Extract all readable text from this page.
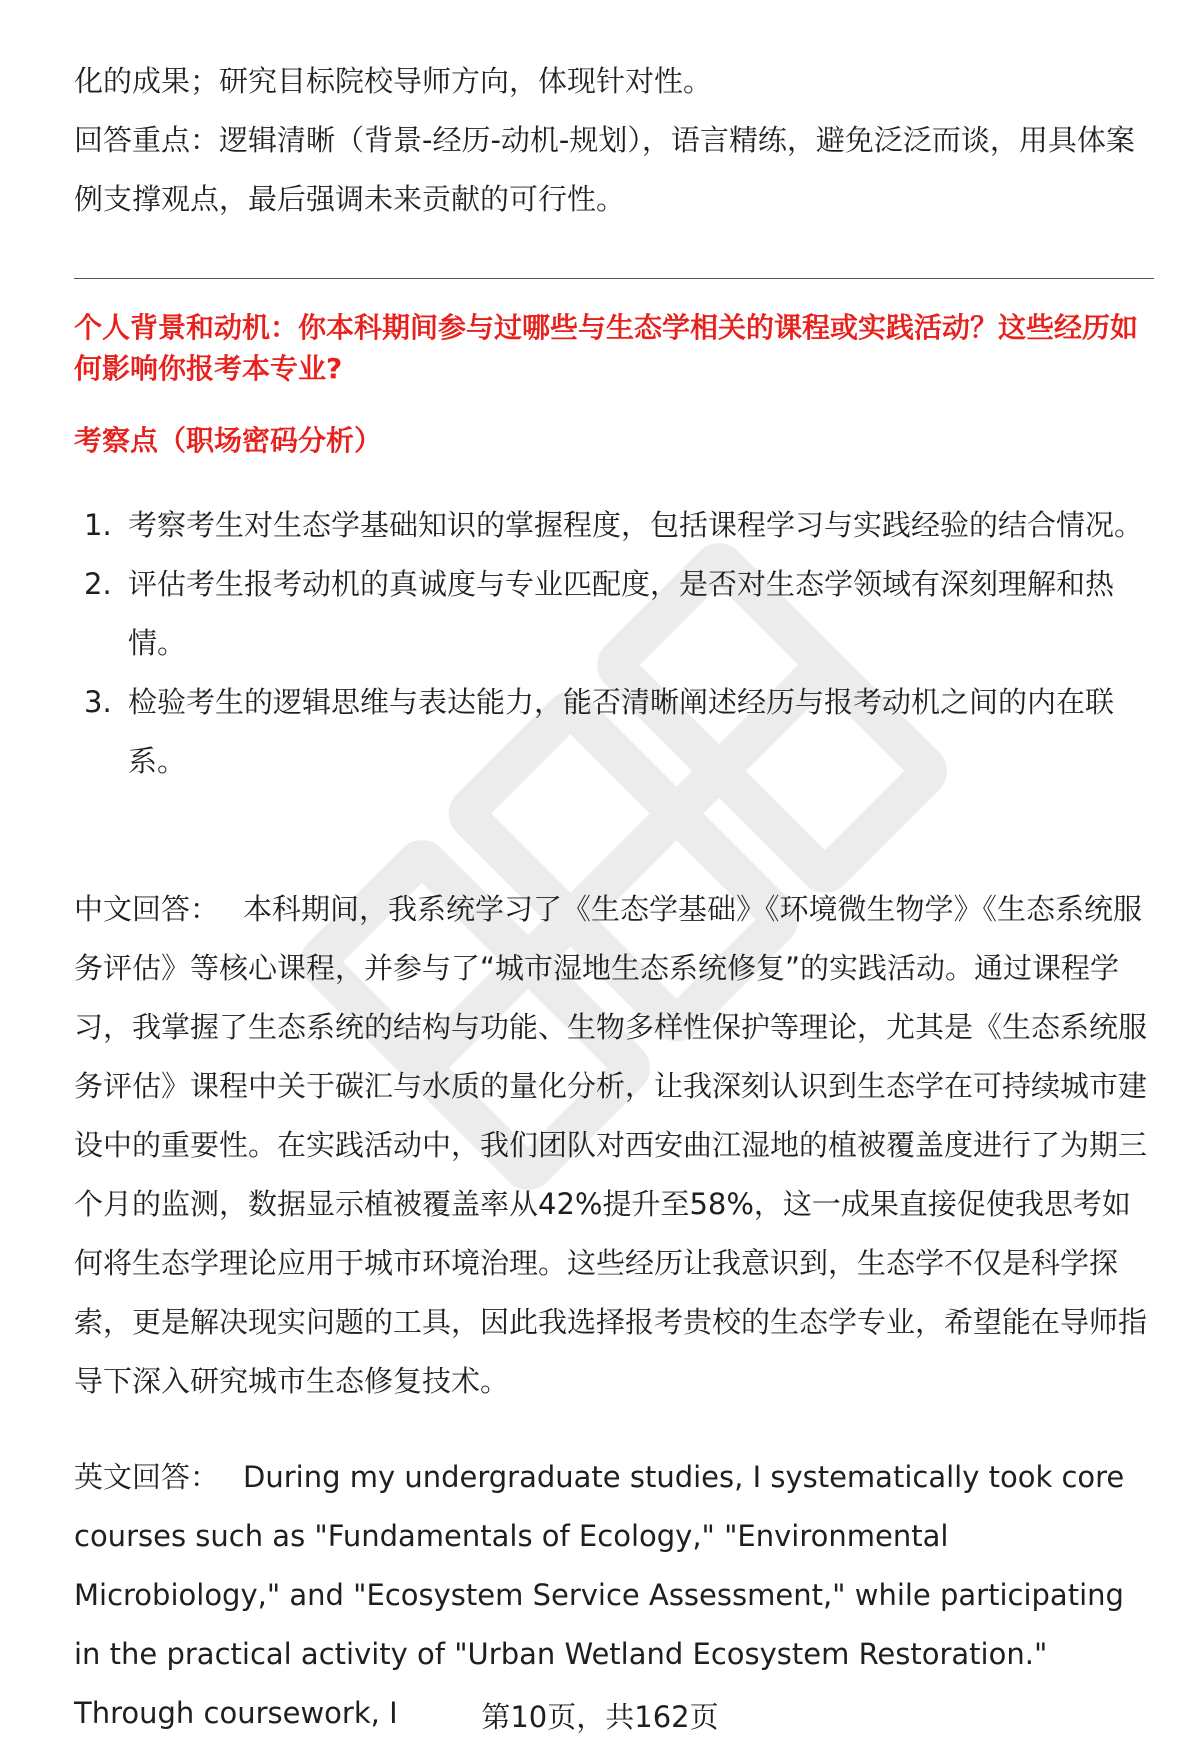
化的成果；研究目标院校导师方向，体现针对性。
回答重点：逻辑清晰（背景-经历-动机-规划），语言精练，避免泛泛而谈，用具体案例支撑观点，最后强调未来贡献的可行性。

个人背景和动机：你本科期间参与过哪些与生态学相关的课程或实践活动？这些经历如何影响你报考本专业?

考察点（职场密码分析）

1. 考察考生对生态学基础知识的掌握程度，包括课程学习与实践经验的结合情况。
2. 评估考生报考动机的真诚度与专业匹配度，是否对生态学领域有深刻理解和热情。
3. 检验考生的逻辑思维与表达能力，能否清晰阐述经历与报考动机之间的内在联系。

中文回答： 本科期间，我系统学习了《生态学基础》《环境微生物学》《生态系统服务评估》等核心课程，并参与了“城市湿地生态系统修复”的实践活动。通过课程学习，我掌握了生态系统的结构与功能、生物多样性保护等理论，尤其是《生态系统服务评估》课程中关于碳汇与水质的量化分析，让我深刻认识到生态学在可持续城市建设中的重要性。在实践活动中，我们团队对西安曲江湿地的植被覆盖度进行了为期三个月的监测，数据显示植被覆盖率从42%提升至58%，这一成果直接促使我思考如何将生态学理论应用于城市环境治理。这些经历让我意识到，生态学不仅是科学探索，更是解决现实问题的工具，因此我选择报考贵校的生态学专业，希望能在导师指导下深入研究城市生态修复技术。

英文回答： During my undergraduate studies, I systematically took core courses such as "Fundamentals of Ecology," "Environmental Microbiology," and "Ecosystem Service Assessment," while participating in the practical activity of "Urban Wetland Ecosystem Restoration." Through coursework, I	第10页，共162页
